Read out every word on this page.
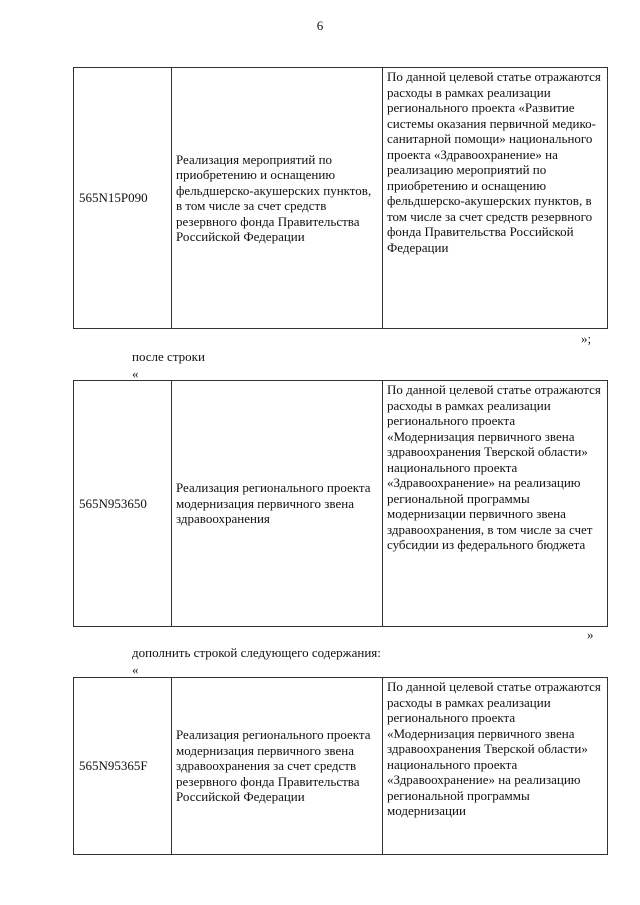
6
565N15P090	Реализация мероприятий по приобретению и оснащению фельдшерско-акушерских пунктов, в том числе за счет средств резервного фонда Правительства Российской Федерации	По данной целевой статье отражаются расходы в рамках реализации регионального проекта «Развитие системы оказания первичной медико-санитарной помощи» национального проекта «Здравоохранение» на реализацию мероприятий по приобретению и оснащению фельдшерско-акушерских пунктов, в том числе за счет средств резервного фонда Правительства Российской Федерации
»;
после строки
«
565N953650	Реализация регионального проекта модернизация первичного звена здравоохранения	По данной целевой статье отражаются расходы в рамках реализации регионального проекта «Модернизация первичного звена здравоохранения Тверской области» национального проекта «Здравоохранение» на реализацию региональной программы модернизации первичного звена здравоохранения, в том числе за счет субсидии из федерального бюджета
»
дополнить строкой следующего содержания:
«
565N95365F	Реализация регионального проекта модернизация первичного звена здравоохранения за счет средств резервного фонда Правительства Российской Федерации	По данной целевой статье отражаются расходы в рамках реализации регионального проекта «Модернизация первичного звена здравоохранения Тверской области» национального проекта «Здравоохранение» на реализацию региональной программы модернизации
